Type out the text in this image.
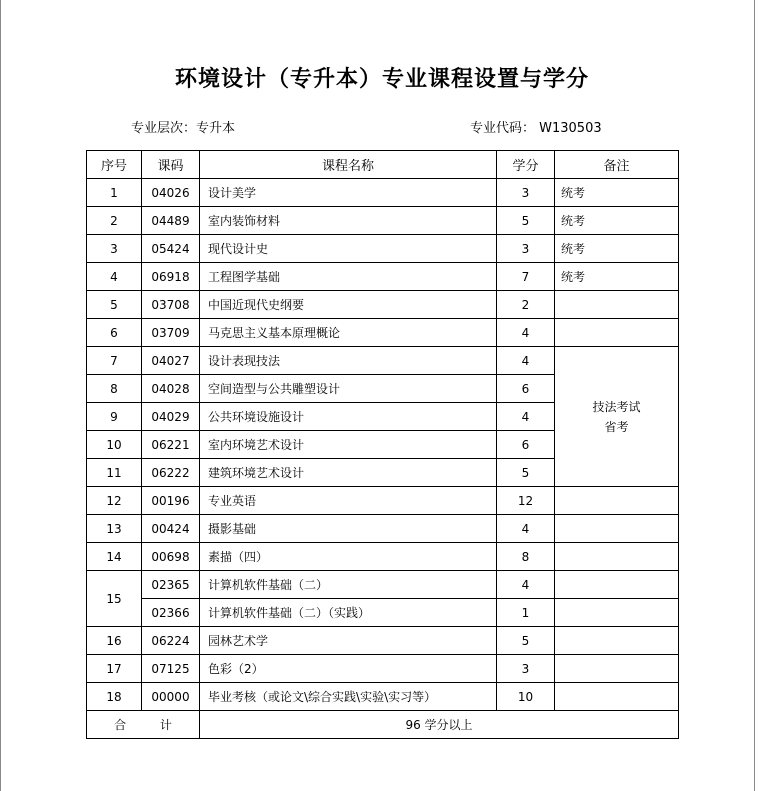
环境设计（专升本）专业课程设置与学分
专业层次：专升本	专业代码： W130503
序号	课码	课程名称	学分	备注
1	04026	设计美学	3	统考
2	04489	室内装饰材料	5	统考
3	05424	现代设计史	3	统考
4	06918	工程图学基础	7	统考
5	03708	中国近现代史纲要	2	
6	03709	马克思主义基本原理概论	4	
7	04027	设计表现技法	4	技法考试
省考

8	04028	空间造型与公共雕塑设计	6	
9	04029	公共环境设施设计	4	
10	06221	室内环境艺术设计	6	
11	06222	建筑环境艺术设计	5	
12	00196	专业英语	12	
13	00424	摄影基础	4	
14	00698	素描（四）	8	
15	02365	计算机软件基础（二）	4	
	02366	计算机软件基础（二）（实践）	1	
16	06224	园林艺术学	5	
17	07125	色彩（2）	3	
18	00000	毕业考核（或论文\综合实践\实验\实习等）	10	
合 计		96 学分以上		
